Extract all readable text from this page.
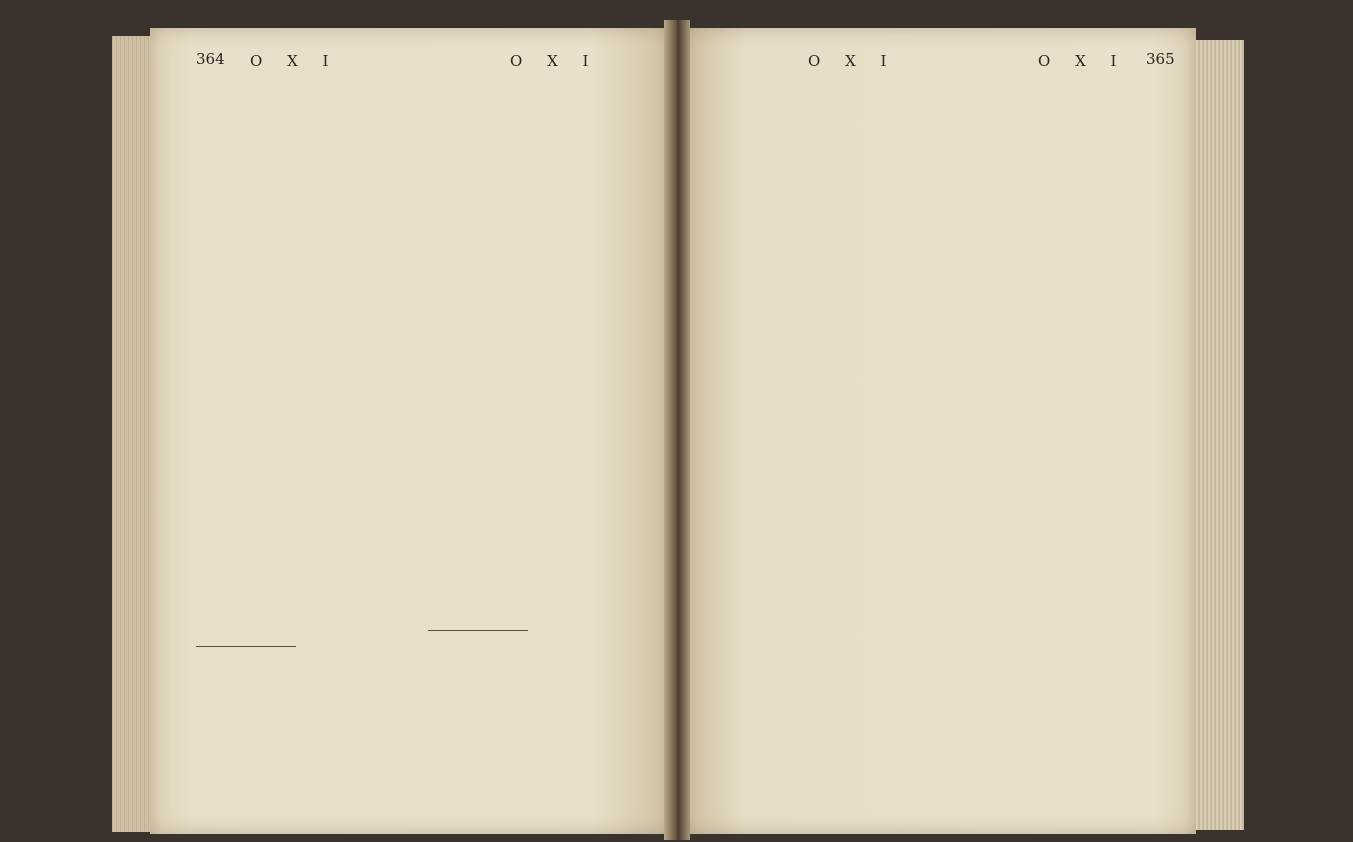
364 O X I	O X I	O X I	O X I 365
